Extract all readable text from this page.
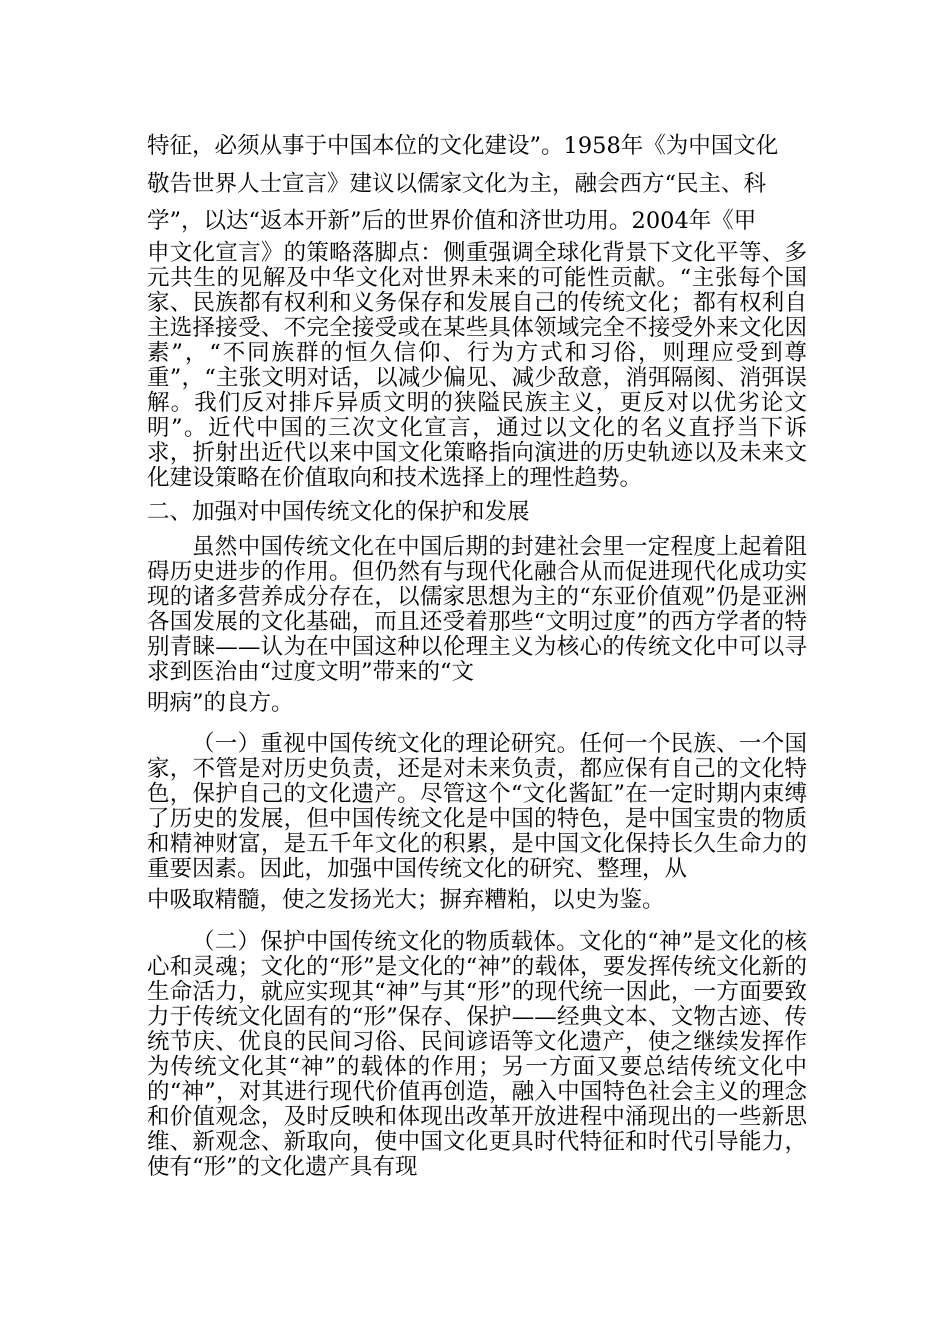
特征，必须从事于中国本位的文化建设”。1958年《为中国文化
敬告世界人士宣言》建议以儒家文化为主，融会西方“民主、科
学”，以达“返本开新”后的世界价值和济世功用。2004年《甲
申文化宣言》的策略落脚点：侧重强调全球化背景下文化平等、多元共生的见解及中华文化对世界未来的可能性贡献。“主张每个国家、民族都有权利和义务保存和发展自己的传统文化；都有权利自主选择接受、不完全接受或在某些具体领域完全不接受外来文化因素”，“不同族群的恒久信仰、行为方式和习俗，则理应受到尊重”，“主张文明对话，以减少偏见、减少敌意，消弭隔阂、消弭误解。我们反对排斥异质文明的狭隘民族主义，更反对以优劣论文明”。近代中国的三次文化宣言，通过以文化的名义直抒当下诉求，折射出近代以来中国文化策略指向演进的历史轨迹以及未来文化建设策略在价值取向和技术选择上的理性趋势。
二、加强对中国传统文化的保护和发展
虽然中国传统文化在中国后期的封建社会里一定程度上起着阻碍历史进步的作用。但仍然有与现代化融合从而促进现代化成功实现的诸多营养成分存在，以儒家思想为主的“东亚价值观”仍是亚洲各国发展的文化基础，而且还受着那些“文明过度”的西方学者的特别青睐——认为在中国这种以伦理主义为核心的传统文化中可以寻求到医治由“过度文明”带来的“文
明病”的良方。
（一）重视中国传统文化的理论研究。任何一个民族、一个国家，不管是对历史负责，还是对未来负责，都应保有自己的文化特色，保护自己的文化遗产。尽管这个“文化酱缸”在一定时期内束缚了历史的发展，但中国传统文化是中国的特色，是中国宝贵的物质和精神财富，是五千年文化的积累，是中国文化保持长久生命力的重要因素。因此，加强中国传统文化的研究、整理，从
中吸取精髓，使之发扬光大；摒弃糟粕，以史为鉴。
（二）保护中国传统文化的物质载体。文化的“神”是文化的核心和灵魂；文化的“形”是文化的“神”的载体，要发挥传统文化新的生命活力，就应实现其“神”与其“形”的现代统一因此，一方面要致力于传统文化固有的“形”保存、保护——经典文本、文物古迹、传统节庆、优良的民间习俗、民间谚语等文化遗产，使之继续发挥作为传统文化其“神”的载体的作用；另一方面又要总结传统文化中的“神”，对其进行现代价值再创造，融入中国特色社会主义的理念和价值观念，及时反映和体现出改革开放进程中涌现出的一些新思维、新观念、新取向，使中国文化更具时代特征和时代引导能力，使有“形”的文化遗产具有现
